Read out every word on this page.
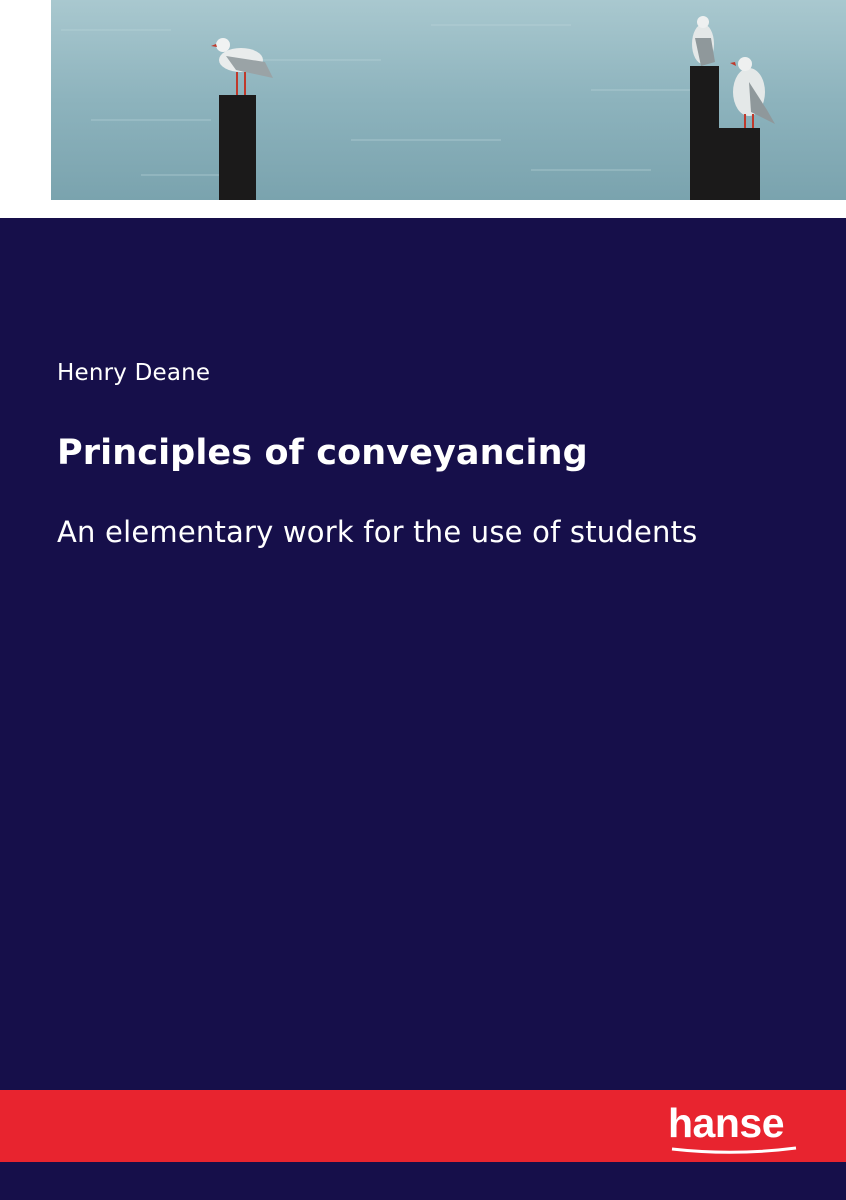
Henry Deane
Principles of conveyancing
An elementary work for the use of students
hanse
